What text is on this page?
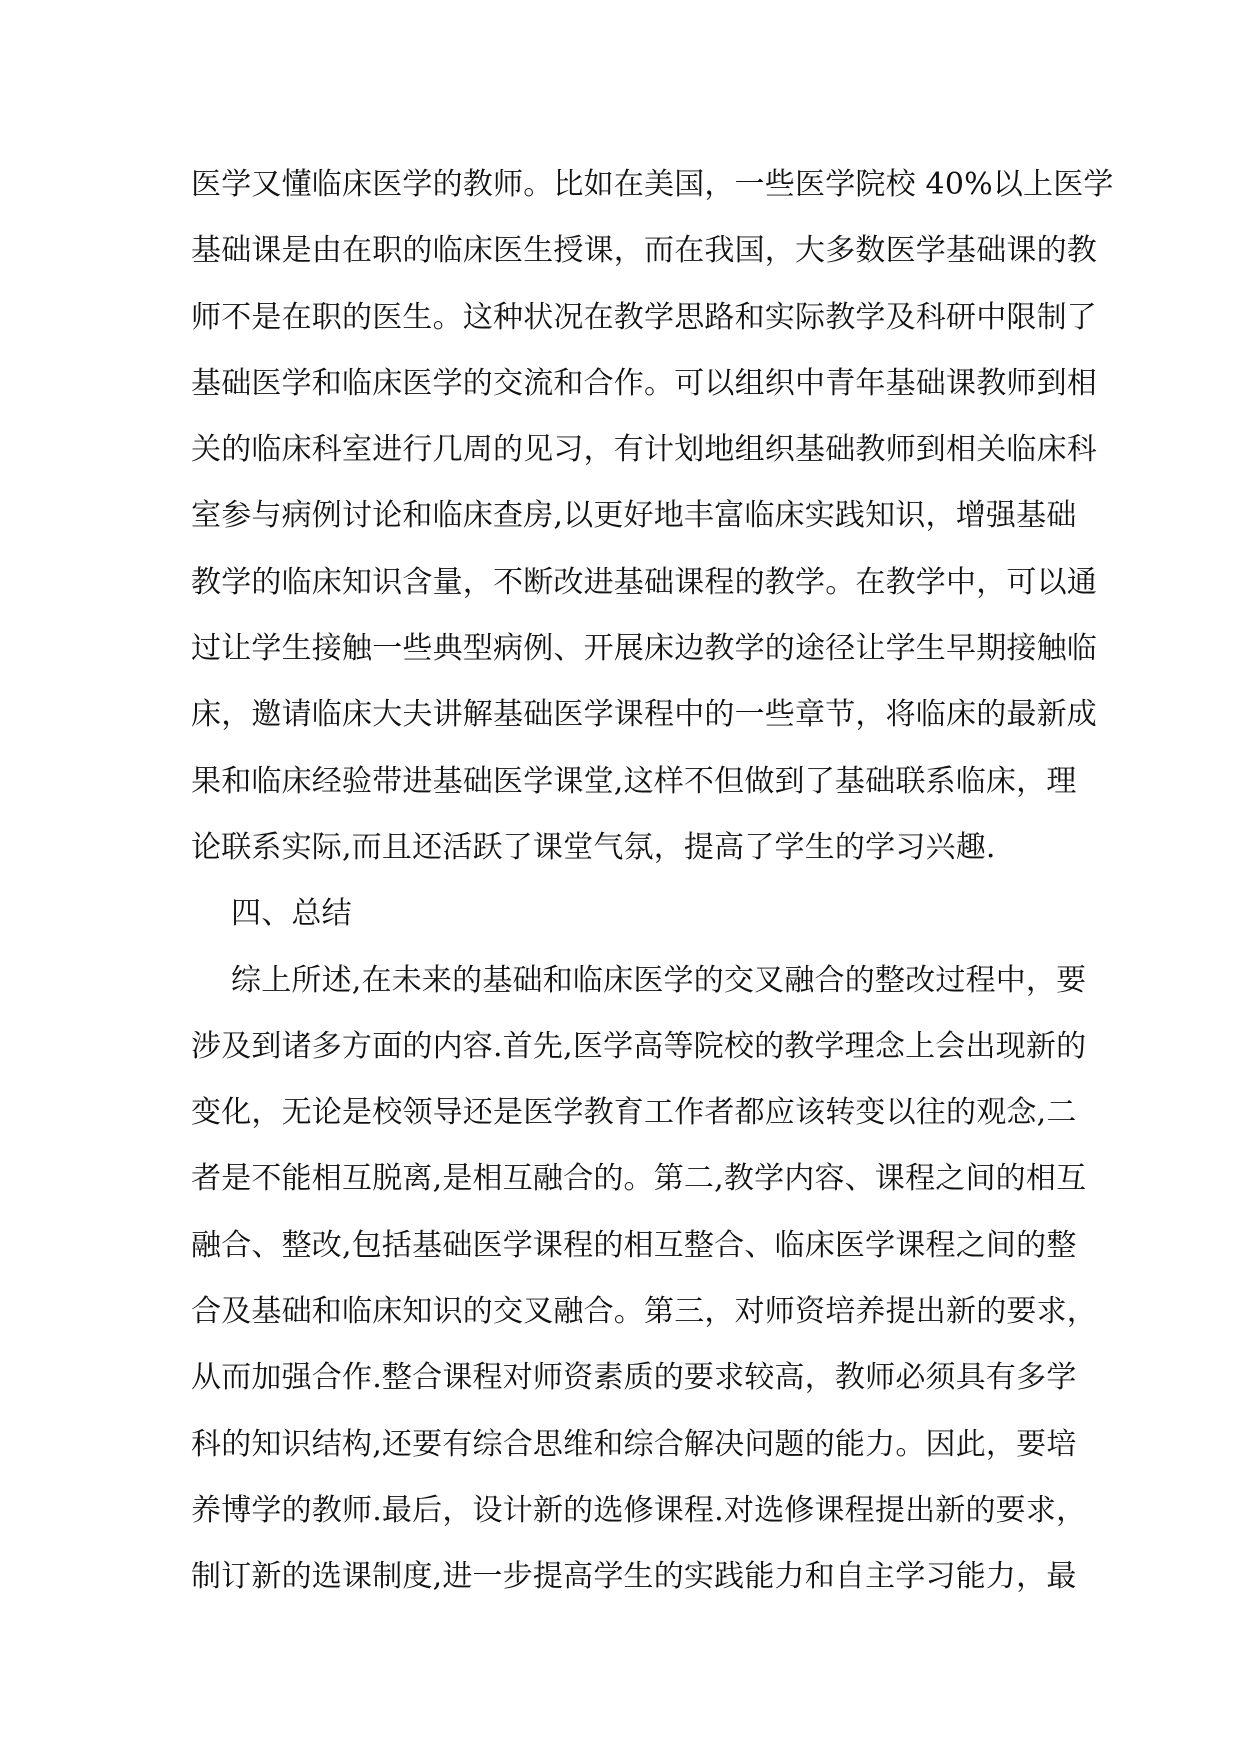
医学又懂临床医学的教师。比如在美国，一些医学院校 40%以上医学
基础课是由在职的临床医生授课，而在我国，大多数医学基础课的教
师不是在职的医生。这种状况在教学思路和实际教学及科研中限制了
基础医学和临床医学的交流和合作。可以组织中青年基础课教师到相
关的临床科室进行几周的见习，有计划地组织基础教师到相关临床科
室参与病例讨论和临床查房,以更好地丰富临床实践知识，增强基础
教学的临床知识含量，不断改进基础课程的教学。在教学中，可以通
过让学生接触一些典型病例、开展床边教学的途径让学生早期接触临
床，邀请临床大夫讲解基础医学课程中的一些章节，将临床的最新成
果和临床经验带进基础医学课堂,这样不但做到了基础联系临床，理
论联系实际,而且还活跃了课堂气氛，提高了学生的学习兴趣.
四、总结
综上所述,在未来的基础和临床医学的交叉融合的整改过程中，要
涉及到诸多方面的内容.首先,医学高等院校的教学理念上会出现新的
变化，无论是校领导还是医学教育工作者都应该转变以往的观念,二
者是不能相互脱离,是相互融合的。第二,教学内容、课程之间的相互
融合、整改,包括基础医学课程的相互整合、临床医学课程之间的整
合及基础和临床知识的交叉融合。第三，对师资培养提出新的要求，
从而加强合作.整合课程对师资素质的要求较高，教师必须具有多学
科的知识结构,还要有综合思维和综合解决问题的能力。因此，要培
养博学的教师.最后，设计新的选修课程.对选修课程提出新的要求，
制订新的选课制度,进一步提高学生的实践能力和自主学习能力，最
